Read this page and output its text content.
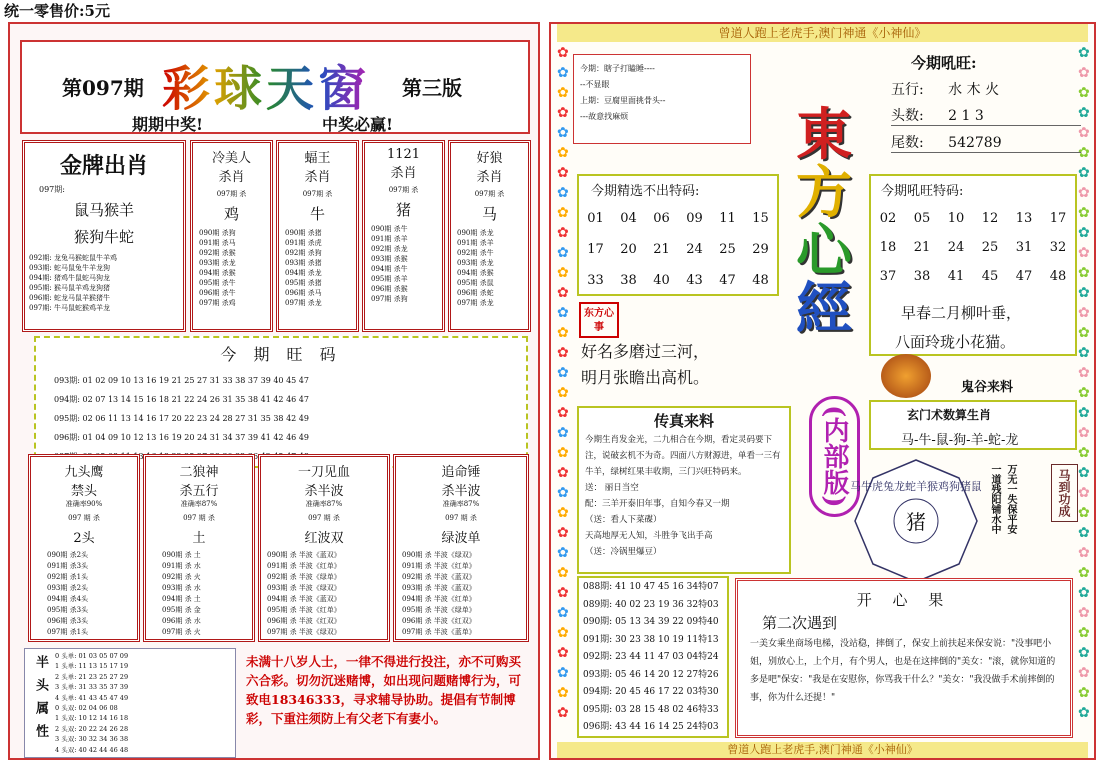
统一零售价:5元
第097期 彩球天窗 第三版
期期中奖!	中奖必赢!
金牌出肖
097期:
鼠马猴羊
猴狗牛蛇
092期: 龙兔马猴蛇鼠牛羊鸡
093期: 蛇马鼠兔牛羊龙狗
094期: 猪鸡牛鼠蛇马狗龙
095期: 猴马鼠羊鸡龙狗猪
096期: 蛇龙马鼠羊猴猪牛
097期: 牛马鼠蛇猴鸡羊龙
冷美人
杀肖
097期 杀
鸡
090期 杀狗
091期 杀马
092期 杀猴
093期 杀龙
094期 杀猴
095期 杀牛
096期 杀牛
097期 杀鸡
蝠王
杀肖
097期 杀
牛
090期 杀猪
091期 杀虎
092期 杀狗
093期 杀猪
094期 杀龙
095期 杀猪
096期 杀马
097期 杀龙
1121
杀肖
097期 杀
猪
090期 杀牛
091期 杀羊
092期 杀龙
093期 杀猴
094期 杀牛
095期 杀羊
096期 杀猴
097期 杀狗
好狼
杀肖
097期 杀
马
090期 杀龙
091期 杀羊
092期 杀牛
093期 杀龙
094期 杀猴
095期 杀鼠
096期 杀蛇
097期 杀龙
今 期 旺 码
093期: 01 02 09 10 13 16 19 21 25 27 31 33 38 37 39 40 45 47
094期: 02 07 13 14 15 16 18 21 22 24 26 31 35 38 41 42 46 47
095期: 02 06 11 13 14 16 17 20 22 23 24 28 27 31 35 38 42 49
096期: 01 04 09 10 12 13 16 19 20 24 31 34 37 39 41 42 46 49
九头鹰
禁头
准确率90%
097 期 杀
2头
090期 杀2头
091期 杀3头
092期 杀1头
093期 杀2头
094期 杀4头
095期 杀3头
096期 杀3头
097期 杀1头
二狼神
杀五行
准确率87%
097 期 杀
土
090期 杀 土
091期 杀 水
092期 杀 火
093期 杀 水
094期 杀 土
095期 杀 金
096期 杀 水
097期 杀 火
一刀见血
杀半波
准确率87%
097 期 杀
红波双
090期 杀 半波《蓝双》
091期 杀 半波《红单》
092期 杀 半波《绿单》
093期 杀 半波《绿双》
094期 杀 半波《蓝双》
095期 杀 半波《红单》
096期 杀 半波《红双》
097期 杀 半波《绿双》
追命锤
杀半波
准确率87%
097 期 杀
绿波单
090期 杀 半波《绿双》
091期 杀 半波《红单》
092期 杀 半波《蓝双》
093期 杀 半波《蓝双》
094期 杀 半波《红单》
095期 杀 半波《绿单》
096期 杀 半波《红双》
097期 杀 半波《蓝单》
半头属性	0 头单: 01 03 05 07 09
1 头单: 11 13 15 17 19
2 头单: 21 23 25 27 29
3 头单: 31 33 35 37 39
4 头单: 41 43 45 47 49
0 头双: 02 04 06 08
1 头双: 10 12 14 16 18
2 头双: 20 22 24 26 28
3 头双: 30 32 34 36 38
4 头双: 40 42 44 46 48
未满十八岁人士，一律不得进行投注，亦不可购买六合彩。切勿沉迷赌博，如出现问题赌博行为，可致电18346333，寻求辅导协助。提倡有节制博彩，下重注须防上有父老下有妻小。
曾道人跑上老虎手,澳门神通《小神仙》
曾道人跑上老虎手,澳门神通《小神仙》
✿	✿
✿	✿
✿	✿
✿	✿
✿	✿
✿	✿
✿	✿
✿	✿
✿	✿
✿	✿
✿	✿
✿	✿
✿	✿
✿	✿
✿	✿
✿	✿
✿	✿
✿	✿
✿	✿
✿	✿
✿	✿
✿	✿
✿	✿
✿	✿
✿	✿
✿	✿
✿	✿
✿	✿
✿	✿
✿	✿
✿	✿
✿	✿
✿	✿
✿	✿
今期：瞎子打瞌睡----
--不显眼
上期：豆腐里面挑骨头--
---故意找麻烦
今期吼旺:
五行: 水 木 火
头数: 2 1 3
尾数: 542789
東
方
心
經
(内部版)
今期精选不出特码:
01	04	06	09	11	15
17	20	21	24	25	29
33	38	40	43	47	48
今期吼旺特码:
02	05	10	12	13	17
18	21	24	25	31	32
37	38	41	45	47	48
早春二月柳叶垂，
八面玲珑小花猫。
东方心事
好名多磨过三河，
明月张瞻出高机。
鬼谷来料
玄门术数算生肖
马-牛-鼠-狗-羊-蛇-龙
传真来料
今期生肖发金光，二九相合在今期，看定灵码要下注，说破玄机不为奇。四面八方财源进，单看一三有牛羊，绿树红果丰收期，三门兴旺特码来。
送： 丽日当空
配：三羊开泰旧年事，自知今春又一期
（送：看人下菜碟）
天高地厚无人知，斗胜争飞出手高
（送：冷锅里爆豆）
猪
马牛虎兔龙蛇羊猴鸡狗猪鼠 万无一失保平安
一道残阳铺水中	马到功成
088期: 41 10 47 45 16 34特07
089期: 40 02 23 19 36 32特03
090期: 05 13 34 39 22 09特40
091期: 30 23 38 10 19 11特13
092期: 23 44 11 47 03 04特24
093期: 05 46 14 20 12 27特26
094期: 20 45 46 17 22 03特30
095期: 03 28 15 48 02 46特33
096期: 43 44 16 14 25 24特03
开 心 果
第二次遇到
一美女乘坐商场电梯，没站稳，摔倒了，保安上前扶起来保安说："没事吧小姐，别放心上，上个月，有个男人，也是在这摔倒的"美女："滚，就你知道的多是吧"保安："我是在安慰你，你骂我干什么？"美女："我没做手术前摔倒的事，你为什么还提！"
